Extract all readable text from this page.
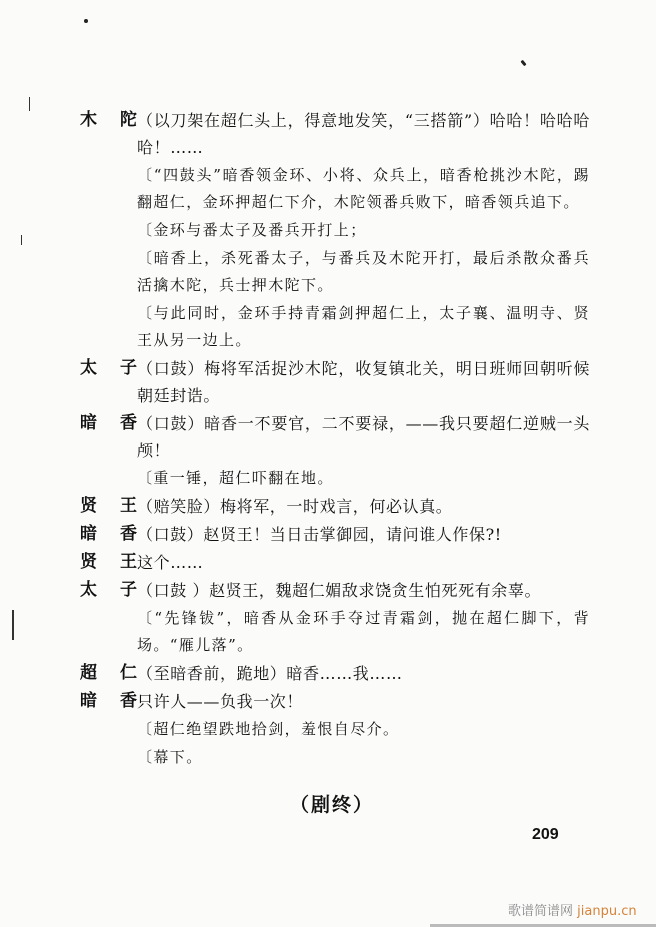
木 陀 （以刀架在超仁头上，得意地发笑，“三搭箭”）哈哈！哈哈哈哈！……
〔“四鼓头”暗香领金环、小将、众兵上，暗香枪挑沙木陀，踢翻超仁，金环押超仁下介，木陀领番兵败下，暗香领兵追下。
〔金环与番太子及番兵开打上；
〔暗香上，杀死番太子，与番兵及木陀开打，最后杀散众番兵活擒木陀，兵士押木陀下。
〔与此同时，金环手持青霜剑押超仁上，太子襄、温明寺、贤王从另一边上。
太 子 （口鼓）梅将军活捉沙木陀，收复镇北关，明日班师回朝听候朝廷封诰。
暗 香 （口鼓）暗香一不要官，二不要禄，——我只要超仁逆贼一头颅！
〔重一锤，超仁吓翻在地。
贤 王 （赔笑脸）梅将军，一时戏言，何必认真。
暗 香 （口鼓）赵贤王！当日击掌御园，请问谁人作保?!
贤 王 这个……
太 子 （口鼓 ）赵贤王，魏超仁媚敌求饶贪生怕死死有余辜。
〔“先锋钹”，暗香从金环手夺过青霜剑，抛在超仁脚下，背场。“雁儿落”。
超 仁 （至暗香前，跪地）暗香……我……
暗 香 只许人——负我一次！
〔超仁绝望跌地拾剑，羞恨自尽介。
〔幕下。
（剧终）
209
歌谱简谱网 jianpu.cn
